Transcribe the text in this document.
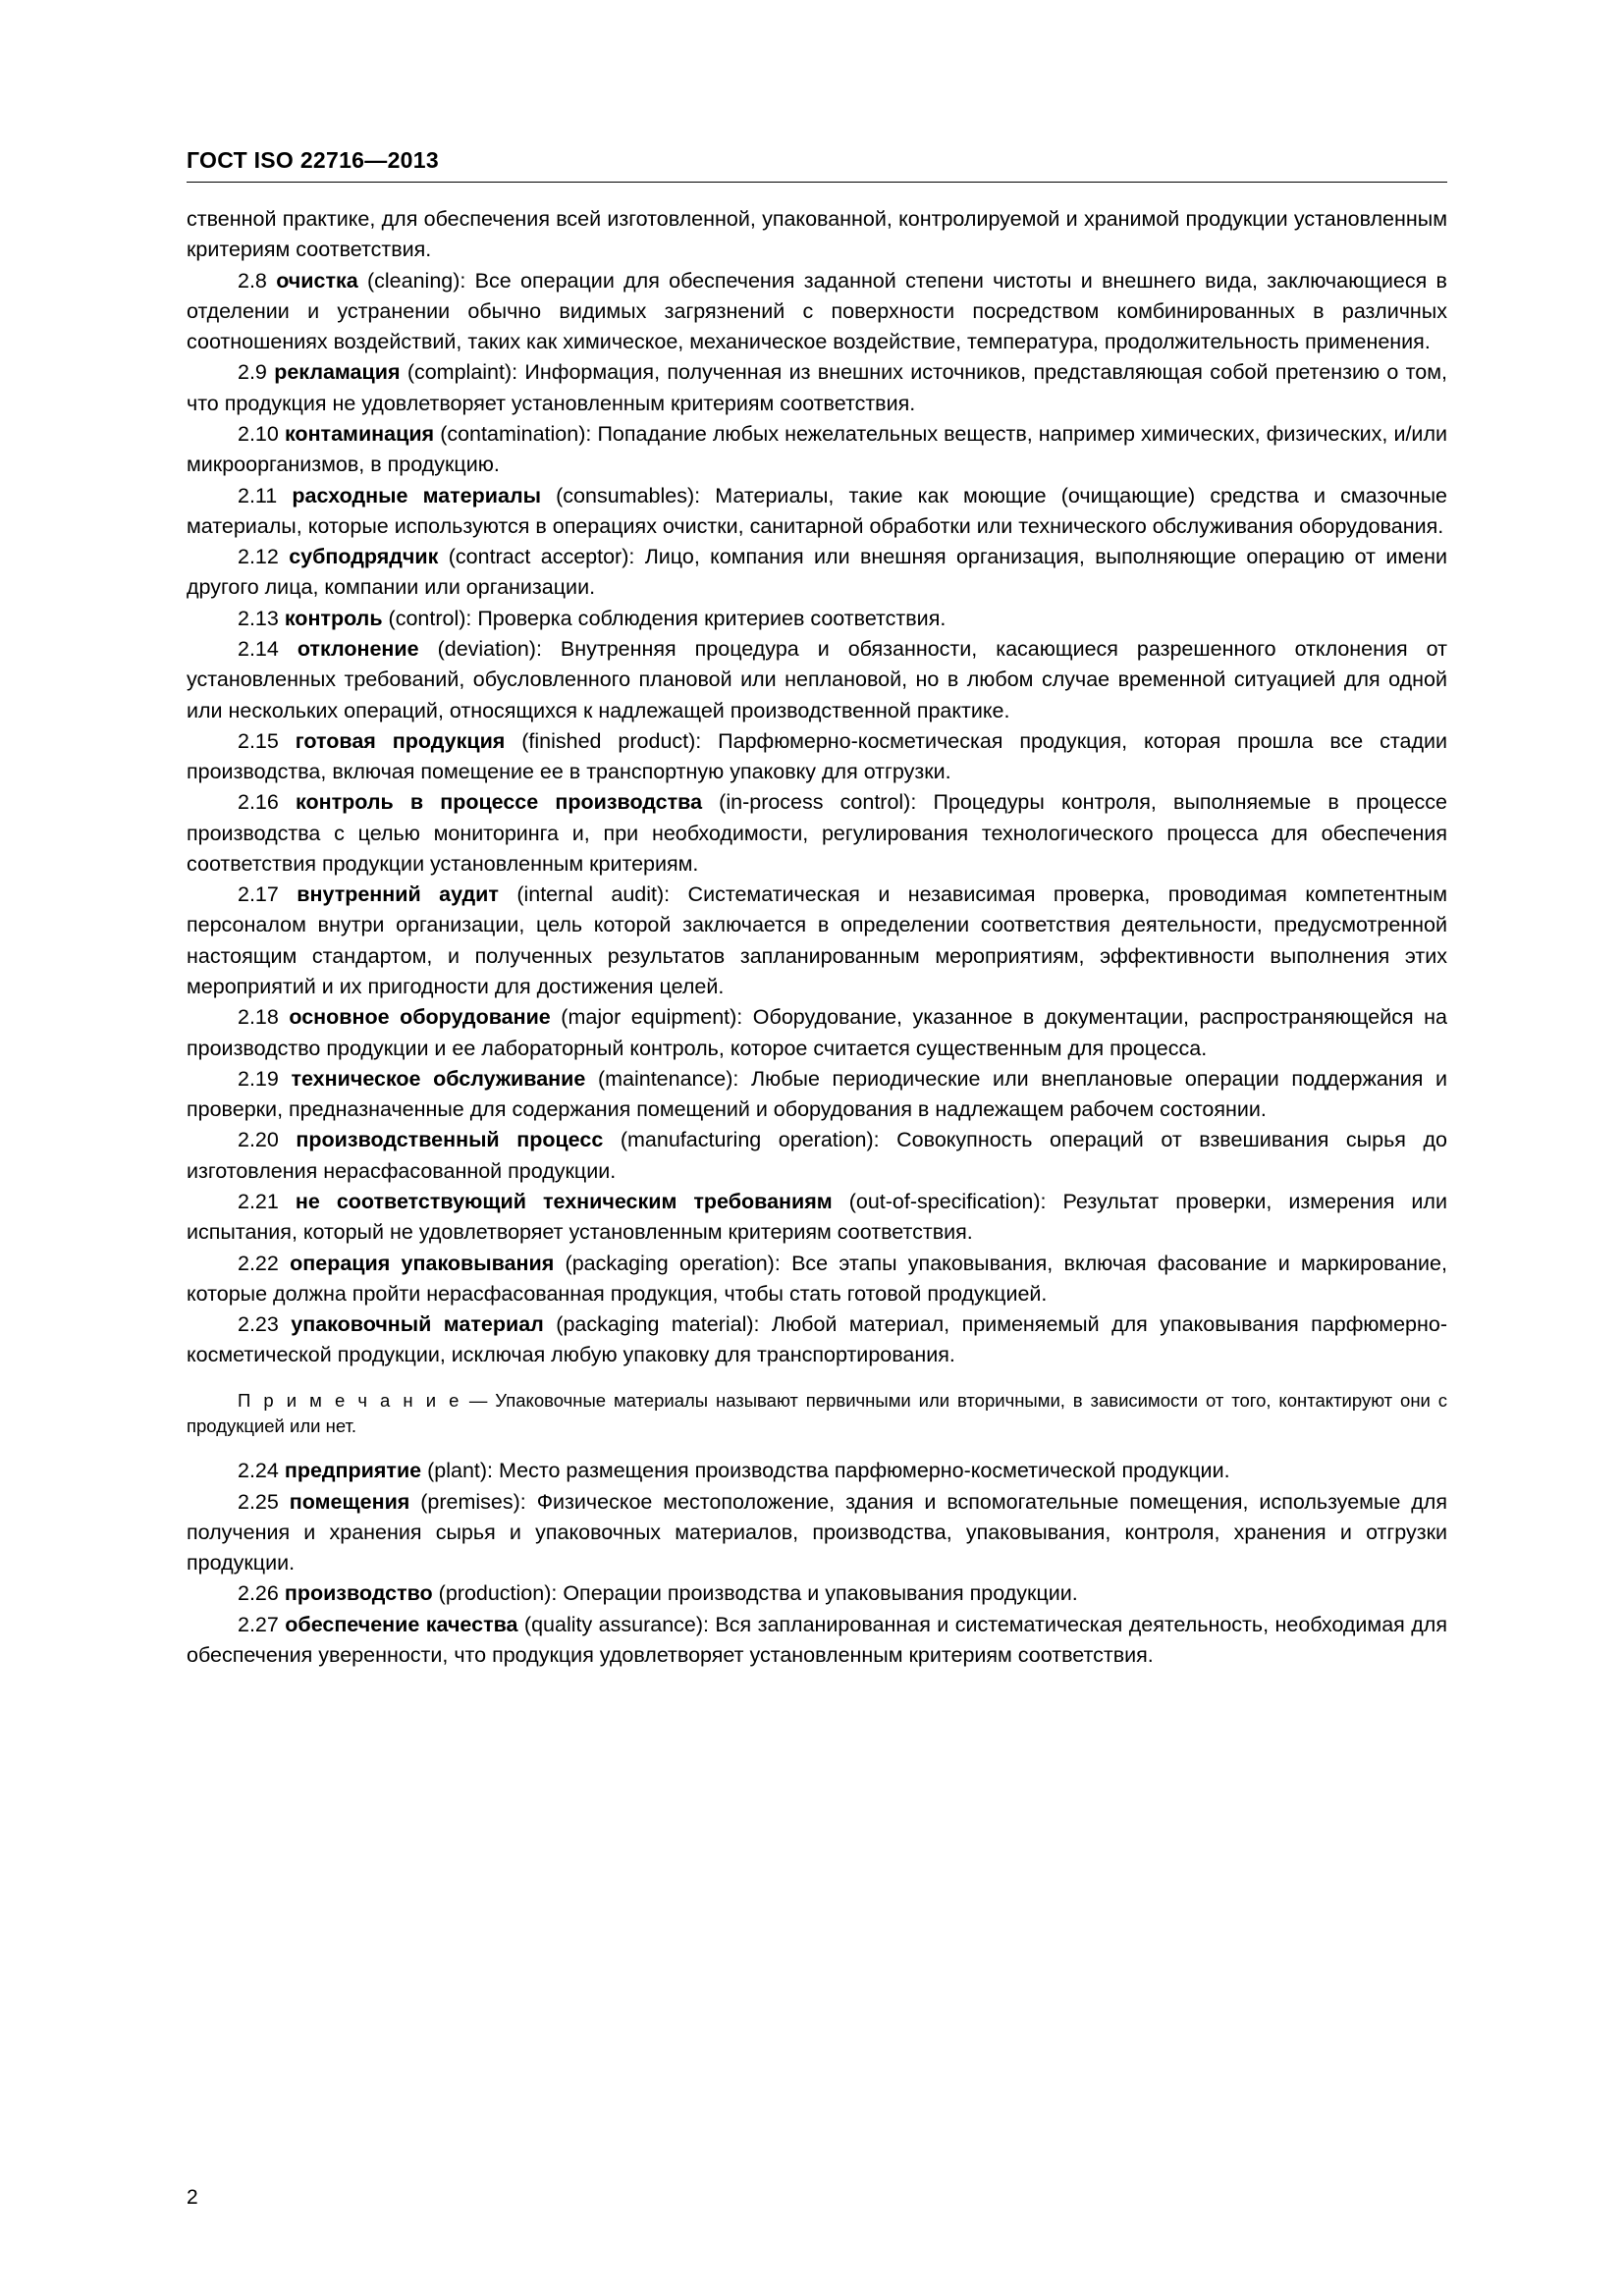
ГОСТ ISO 22716—2013

ственной практике, для обеспечения всей изготовленной, упакованной, контролируемой и хранимой продукции установленным критериям соответствия.

2.8 очистка (cleaning): Все операции для обеспечения заданной степени чистоты и внешнего вида, заключающиеся в отделении и устранении обычно видимых загрязнений с поверхности посредством комбинированных в различных соотношениях воздействий, таких как химическое, механическое воздействие, температура, продолжительность применения.

2.9 рекламация (complaint): Информация, полученная из внешних источников, представляющая собой претензию о том, что продукция не удовлетворяет установленным критериям соответствия.

2.10 контаминация (contamination): Попадание любых нежелательных веществ, например химических, физических, и/или микроорганизмов, в продукцию.

2.11 расходные материалы (consumables): Материалы, такие как моющие (очищающие) средства и смазочные материалы, которые используются в операциях очистки, санитарной обработки или технического обслуживания оборудования.

2.12 субподрядчик (contract acceptor): Лицо, компания или внешняя организация, выполняющие операцию от имени другого лица, компании или организации.

2.13 контроль (control): Проверка соблюдения критериев соответствия.

2.14 отклонение (deviation): Внутренняя процедура и обязанности, касающиеся разрешенного отклонения от установленных требований, обусловленного плановой или неплановой, но в любом случае временной ситуацией для одной или нескольких операций, относящихся к надлежащей производственной практике.

2.15 готовая продукция (finished product): Парфюмерно-косметическая продукция, которая прошла все стадии производства, включая помещение ее в транспортную упаковку для отгрузки.

2.16 контроль в процессе производства (in-process control): Процедуры контроля, выполняемые в процессе производства с целью мониторинга и, при необходимости, регулирования технологического процесса для обеспечения соответствия продукции установленным критериям.

2.17 внутренний аудит (internal audit): Систематическая и независимая проверка, проводимая компетентным персоналом внутри организации, цель которой заключается в определении соответствия деятельности, предусмотренной настоящим стандартом, и полученных результатов запланированным мероприятиям, эффективности выполнения этих мероприятий и их пригодности для достижения целей.

2.18 основное оборудование (major equipment): Оборудование, указанное в документации, распространяющейся на производство продукции и ее лабораторный контроль, которое считается существенным для процесса.

2.19 техническое обслуживание (maintenance): Любые периодические или внеплановые операции поддержания и проверки, предназначенные для содержания помещений и оборудования в надлежащем рабочем состоянии.

2.20 производственный процесс (manufacturing operation): Совокупность операций от взвешивания сырья до изготовления нерасфасованной продукции.

2.21 не соответствующий техническим требованиям (out-of-specification): Результат проверки, измерения или испытания, который не удовлетворяет установленным критериям соответствия.

2.22 операция упаковывания (packaging operation): Все этапы упаковывания, включая фасование и маркирование, которые должна пройти нерасфасованная продукция, чтобы стать готовой продукцией.

2.23 упаковочный материал (packaging material): Любой материал, применяемый для упаковывания парфюмерно-косметической продукции, исключая любую упаковку для транспортирования.

П р и м е ч а н и е — Упаковочные материалы называют первичными или вторичными, в зависимости от того, контактируют они с продукцией или нет.

2.24 предприятие (plant): Место размещения производства парфюмерно-косметической продукции.

2.25 помещения (premises): Физическое местоположение, здания и вспомогательные помещения, используемые для получения и хранения сырья и упаковочных материалов, производства, упаковывания, контроля, хранения и отгрузки продукции.

2.26 производство (production): Операции производства и упаковывания продукции.

2.27 обеспечение качества (quality assurance): Вся запланированная и систематическая деятельность, необходимая для обеспечения уверенности, что продукция удовлетворяет установленным критериям соответствия.

2
